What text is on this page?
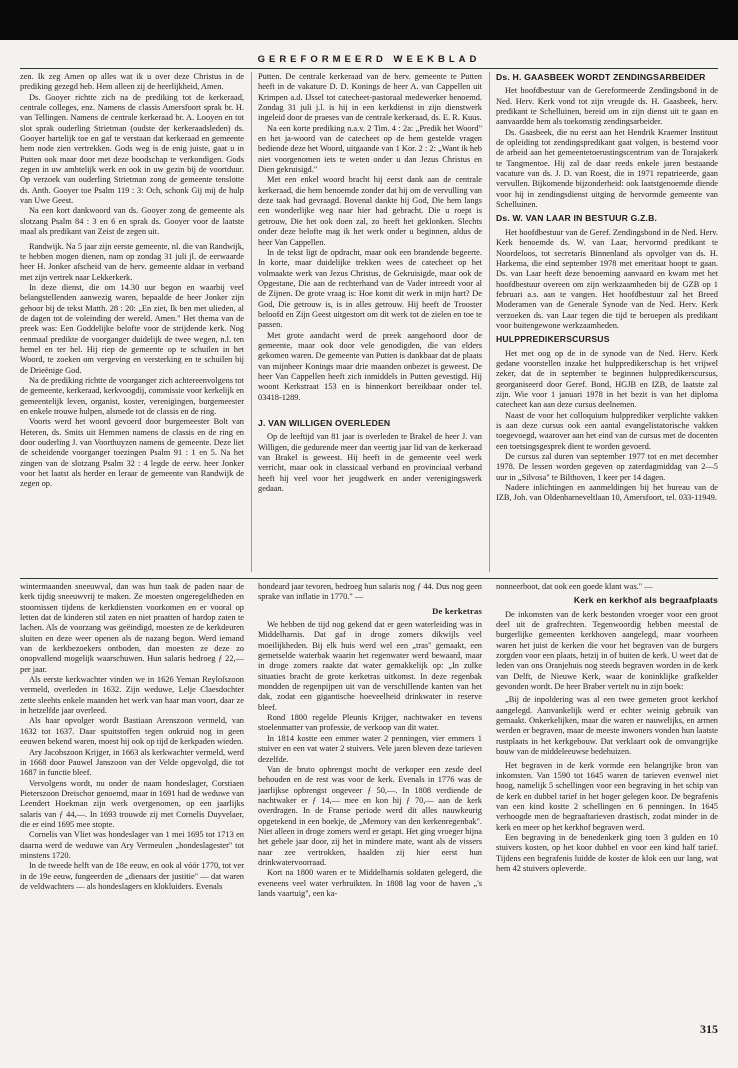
GEREFORMEERD WEEKBLAD

zen. Ik zeg Amen op alles wat ik u over deze Christus in de prediking gezegd heb. Hem alleen zij de heerlijkheid, Amen.

Ds. Gooyer richtte zich na de prediking tot de kerkeraad, centrale colleges, enz. Namens de classis Amersfoort sprak br. H. van Tellingen. Namens de centrale kerkeraad br. A. Looyen en tot slot sprak ouderling Strietman (oudste der kerkeraadsleden) ds. Gooyer hartelijk toe en gaf te verstaan dat kerkeraad en gemeente hem node zien vertrekken. Gods weg is de enig juiste, gaat u in Putten ook maar door met deze boodschap te verkondigen. Gods zegen in uw ambtelijk werk en ook in uw gezin bij de voortduur. Op verzoek van ouderling Strietman zong de gemeente tenslotte ds. Anth. Gooyer toe Psalm 119 : 3: Och, schonk Gij mij de hulp van Uwe Geest.

Na een kort dankwoord van ds. Gooyer zong de gemeente als slotzang Psalm 84 : 3 en 6 en sprak ds. Gooyer voor de laatste maal als predikant van Zeist de zegen uit.

Randwijk. Na 5 jaar zijn eerste gemeente, nl. die van Randwijk, te hebben mogen dienen, nam op zondag 31 juli jl. de eerwaarde heer H. Jonker afscheid van de herv. gemeente aldaar in verband met zijn vertrek naar Lekkerkerk.

In deze dienst, die om 14.30 uur begon en waarbij veel belangstellenden aanwezig waren, bepaalde de heer Jonker zijn gehoor bij de tekst Matth. 28 : 20: „En ziet, Ik ben met ulieden, al de dagen tot de voleinding der wereld. Amen." Het thema van de preek was: Een Goddelijke belofte voor de strijdende kerk. Nog eenmaal predikte de voorganger duidelijk de twee wegen, n.l. ten hemel en ter hel. Hij riep de gemeente op te schuilen in het Woord, te zoeken om vergeving en versterking en te schuilen bij de Drieënige God.

Na de prediking richtte de voorganger zich achtereenvolgens tot de gemeente, kerkeraad, kerkvoogdij, commissie voor kerkelijk en gemeentelijk leven, organist, koster, verenigingen, burgemeester en enkele trouwe hulpen, alsmede tot de classis en de ring.

Voorts werd het woord gevoerd door burgemeester Bolt van Heteren, ds. Smits uit Hemmen namens de classis en de ring en door ouderling J. van Voorthuyzen namens de gemeente. Deze liet de scheidende voorganger toezingen Psalm 91 : 1 en 5. Na het zingen van de slotzang Psalm 32 : 4 legde de eerw. heer Jonker voor het laatst als herder en leraar de gemeente van Randwijk de zegen op.

Putten. De centrale kerkeraad van de herv. gemeente te Putten heeft in de vakature D. D. Konings de heer A. van Cappellen uit Krimpen a.d. IJssel tot catecheet-pastoraal medewerker benoemd. Zondag 31 juli j.l. is hij in een kerkdienst in zijn dienstwerk ingeleid door de praeses van de centrale kerkeraad, ds. E. R. Kuus.

Na een korte prediking n.a.v. 2 Tim. 4 : 2a: „Predik het Woord" en het ja-woord van de catecheet op de hem gestelde vragen bediende deze het Woord, uitgaande van 1 Kor. 2 : 2: „Want ik heb niet voorgenomen iets te weten onder u dan Jezus Christus en Dien gekruisigd."

Met een enkel woord bracht hij eerst dank aan de centrale kerkeraad, die hem benoemde zonder dat hij om de vervulling van deze taak had gevraagd. Bovenal dankte hij God, Die hem langs een wonderlijke weg naar hier had gebracht. Die u roept is getrouw, Die het ook doen zal, zo heeft het geklonken. Slechts onder deze belofte mag ik het werk onder u beginnen, aldus de heer Van Cappellen.

In de tekst ligt de opdracht, maar ook een brandende begeerte. In korte, maar duidelijke trekken wees de catecheet op het volmaakte werk van Jezus Christus, de Gekruisigde, maar ook de Opgestane, Die aan de rechterhand van de Vader intreedt voor al de Zijnen. De grote vraag is: Hoe komt dit werk in mijn hart? De God, Die getrouw is, is in alles getrouw. Hij heeft de Trooster beloofd en Zijn Geest uitgestort om dit werk tot de zielen en toe te passen.

Met grote aandacht werd de preek aangehoord door de gemeente, maar ook door vele genodigden, die van elders gekomen waren. De gemeente van Putten is dankbaar dat de plaats van mijnheer Konings maar drie maanden onbezet is geweest. De heer Van Cappellen heeft zich inmiddels in Putten gevestigd. Hij woont Kerkstraat 153 en is binnenkort bereikbaar onder tel. 03418-1289.

J. VAN WILLIGEN OVERLEDEN

Op de leeftijd van 81 jaar is overleden te Brakel de heer J. van Willigen, die gedurende meer dan veertig jaar lid van de kerkeraad van Brakel is geweest. Hij heeft in de gemeente veel werk verricht, maar ook in classicaal verband en provinciaal verband heeft hij veel voor het jeugdwerk en ander verenigingswerk gedaan.

Ds. H. GAASBEEK WORDT ZENDINGSARBEIDER

Het hoofdbestuur van de Gereformeerde Zendingsbond in de Ned. Herv. Kerk vond tot zijn vreugde ds. H. Gaasbeek, herv. predikant te Schelluinen, bereid om in zijn dienst uit te gaan en aanvaardde hem als toekomstig zendingsarbeider.

Ds. Gaasbeek, die nu eerst aan het Hendrik Kraemer Instituut de opleiding tot zendingspredikant gaat volgen, is bestemd voor de arbeid aan het gemeentetoerustingscentrum van de Torajakerk te Tangmentoe. Hij zal de daar reeds enkele jaren bestaande vacature van ds. J. D. van Roest, die in 1971 repatrieerde, gaan vervullen. Bijkomende bijzonderheid: ook laatstgenoemde diende voor hij in zendingsdienst uitging de hervormde gemeente van Schelluinen.

Ds. W. VAN LAAR IN BESTUUR G.Z.B.

Het hoofdbestuur van de Geref. Zendingsbond in de Ned. Herv. Kerk benoemde ds. W. van Laar, hervormd predikant te Noordeloos, tot secretaris Binnenland als opvolger van ds. H. Harkema, die eind september 1978 met emeritaat hoopt te gaan. Ds. van Laar heeft deze benoeming aanvaard en kwam met het hoofdbestuur overeen om zijn werkzaamheden bij de GZB op 1 februari a.s. aan te vangen. Het hoofdbestuur zal het Breed Moderamen van de Generale Synode van de Ned. Herv. Kerk verzoeken ds. van Laar tegen die tijd te beroepen als predikant voor buitengewone werkzaamheden.

HULPPREDIKERSCURSUS

Het met oog op de in de synode van de Ned. Herv. Kerk gedane voorstellen inzake het hulppredikerschap is het vrijwel zeker, dat de in september te beginnen hulppredikerscursus, georganiseerd door Geref. Bond, HGJB en IZB, de laatste zal zijn. Wie voor 1 januari 1978 in het bezit is van het diploma catecheet kan aan deze cursus deelnemen.

Naast de voor het colloquium hulpprediker verplichte vakken is aan deze cursus ook een aantal evangelistatorische vakken toegevoegd, waarover aan het eind van de cursus met de docenten een toetsingsgesprek dient te worden gevoerd.

De cursus zal duren van september 1977 tot en met december 1978. De lessen worden gegeven op zaterdagmiddag van 2—5 uur in „Silvosa" te Bilthoven, 1 keer per 14 dagen.

Nadere inlichtingen en aanmeldingen bij het bureau van de IZB, Joh. van Oldenbarneveltlaan 10, Amersfoort, tel. 033-11949.

wintermaanden sneeuwval, dan was hun taak de paden naar de kerk tijdig sneeuwvrij te maken. Ze moesten ongeregeldheden en stoornissen tijdens de kerkdiensten voorkomen en er vooral op letten dat de kinderen stil zaten en niet praatten of hardop zaten te lachen. Als de voorzang was geëindigd, moesten ze de kerkdeuren sluiten en deze weer openen als de nazang begon. Werd iemand van de kerkbezoekers ontboden, dan moesten ze deze zo onopvallend mogelijk waarschuwen. Hun salaris bedroeg ƒ 22,— per jaar.

Als eerste kerkwachter vinden we in 1626 Yeman Reyloſszoon vermeld, overleden in 1632. Zijn weduwe, Lelje Claesdochter zette sleehts enkele maanden het werk van haar man voort, daar ze in hetzelfde jaar overleed.

Als haar opvolger wordt Bastiaan Arenszoon vermeld, van 1632 tot 1637. Daar spuitstoffen tegen onkruid nog in geen eeuwen bekend waren, moest hij ook op tijd de kerkpaden wieden.

Ary Jacobszoon Krijger, in 1663 als kerkwachter vermeld, werd in 1668 door Pauwel Janszoon van der Velde opgevolgd, die tot 1687 in functie bleef.

Vervolgens wordt, nu onder de naam hondeslager, Corstiaen Pieterszoon Dreischor genoemd, maar in 1691 had de weduwe van Leendert Hoekman zijn werk overgenomen, op een jaarlijks salaris van ƒ 44,—. In 1693 trouwde zij met Cornelis Duyvelaer, die er eind 1695 mee stopte.

Cornelis van Vliet was hondeslager van 1 mei 1695 tot 1713 en daarna werd de weduwe van Ary Vermeulen „hondeslagester" tot minstens 1720.

In de tweede helft van de 18e eeuw, en ook al vóór 1770, tot ver in de 19e eeuw, fungeerden de „dienaars der justitie" — dat waren de veldwachters — als hondeslagers en klokluiders. Evenals

hondeard jaar tevoren, bedroeg hun salaris nog ƒ 44. Dus nog geen sprake van inflatie in 1770." —

De kerketras

We hebben de tijd nog gekend dat er geen waterleiding was in Middelharnis. Dat gaf in droge zomers dikwijls veel moeilijkheden. Bij elk huis werd wel een „tras" gemaakt, een gemetselde waterbak waarin het regenwater werd bewaard, maar in droge zomers raakte dat water gemakkelijk op: „In zulke situaties bracht de grote kerketras uitkomst. In deze regenbak mondden de regenpijpen uit van de verschillende kanten van het dak, zodat een gigantische hoeveelheid drinkwater in reserve bleef.

Rond 1800 regelde Pleunis Krijger, nachtwaker en tevens stoelenmatter van professie, de verkoop van dit water.

In 1814 kostte een emmer water 2 penningen, vier emmers 1 stuiver en een vat water 2 stuivers. Vele jaren bleven deze tarieven dezelfde.

Van de bruto opbrengst mocht de verkoper een zesde deel behouden en de rest was voor de kerk. Evenals in 1776 was de jaarlijkse opbrengst ongeveer ƒ 50,—. In 1808 verdiende de nachtwaker er ƒ 14,— mee en kon hij ƒ 70,— aan de kerk overdragen. In de Franse periode werd dit alles nauwkeurig opgetekend in een boekje, de „Memory van den kerkenregenbak". Niet alleen in droge zomers werd er getapt. Het ging vroeger bijna het gehele jaar door, zij het in mindere mate, want als de vissers naar zee vertrokken, haalden zij hier eerst hun drinkwatervoorraad.

Kort na 1800 waren er te Middelharnis soldaten gelegerd, die eveneens veel water verbruikten. In 1808 lag voor de haven „'s lands vaartuig", een ka-

nonneerboot, dat ook een goede klant was." —

Kerk en kerkhof als begraafplaats

De inkomsten van de kerk bestonden vroeger voor een groot deel uit de grafrechten. Tegenwoordig hebben meestal de burgerlijke gemeenten kerkhoven aangelegd, maar voorheen waren het juist de kerken die voor het begraven van de burgers zorgden voor een plaats, hetzij in of buiten de kerk. U weet dat de leden van ons Oranjehuis nog steeds begraven worden in de kerk van Delft, de Nieuwe Kerk, waar de koninklijke grafkelder gevonden wordt. De heer Braber vertelt nu in zijn boek:

„Bij de inpoldering was al een twee gemeten groot kerkhof aangelegd. Aanvankelijk werd er echter weinig gebruik van gemaakt. Onkerkelijken, maar die waren er nauwelijks, en armen werden er begraven, maar de meeste inwoners vonden hun laatste rustplaats in het kerkgebouw. Dat verklaart ook de omvangrijke bouw van de middeleeuwse bedehuizen.

Het begraven in de kerk vormde een belangrijke bron van inkomsten. Van 1590 tot 1645 waren de tarieven evenwel niet hoog, namelijk 5 schellingen voor een begraving in het schip van de kerk en dubbel tarief in het hoger gelegen koor. De begrafenis van een kind kostte 2 schellingen en 6 penningen. In 1645 verhoogde men de begraaftarieven drastisch, zodat minder in de kerk en meer op het kerkhof begraven werd.

Een begraving in de benedenkerk ging toen 3 gulden en 10 stuivers kosten, op het koor dubbel en voor een kind half tarief. Tijdens een begrafenis luidde de koster de klok een uur lang, wat hem 42 stuivers opleverde.

315
